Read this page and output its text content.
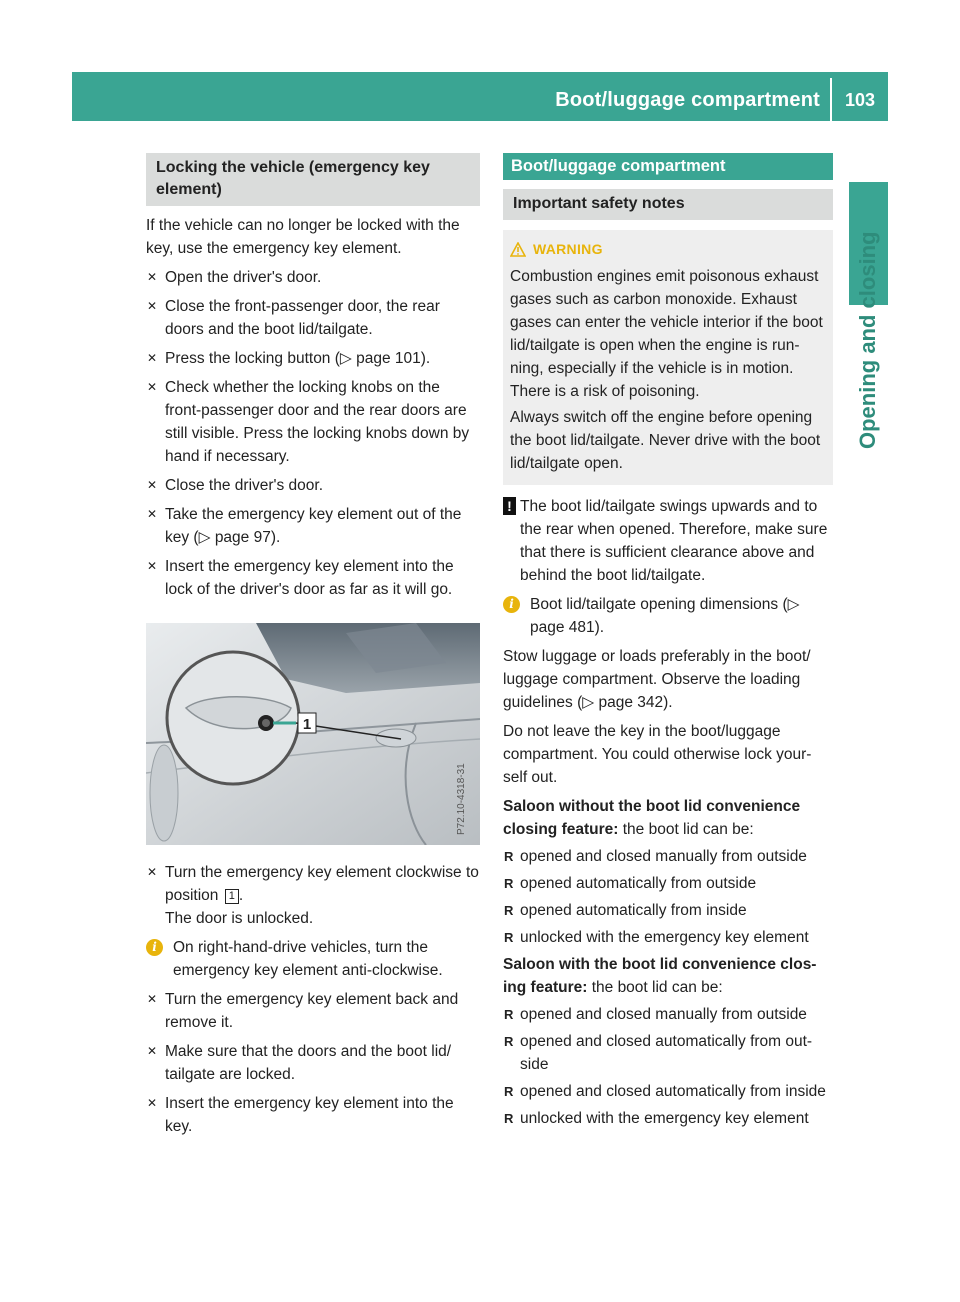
Boot/luggage compartment	103
Opening and closing
Locking the vehicle (emergency key element)

If the vehicle can no longer be locked with the key, use the emergency key element.

✕ Open the driver's door.
✕ Close the front-passenger door, the rear doors and the boot lid/tailgate.
✕ Press the locking button (▷ page 101).
✕ Check whether the locking knobs on the front-passenger door and the rear doors are still visible. Press the locking knobs down by hand if necessary.
✕ Close the driver's door.
✕ Take the emergency key element out of the key (▷ page 97).
✕ Insert the emergency key element into the lock of the driver's door as far as it will go.
1
P72.10-4318-31
✕ Turn the emergency key element clockwise to position 1 .
The door is unlocked.
i	On right-hand-drive vehicles, turn the emergency key element anti-clockwise.
✕ Turn the emergency key element back and remove it.
✕ Make sure that the doors and the boot lid/ tailgate are locked.
✕ Insert the emergency key element into the key.
Boot/luggage compartment
Important safety notes
WARNING

Combustion engines emit poisonous exhaust gases such as carbon monoxide. Exhaust gases can enter the vehicle interior if the boot lid/tailgate is open when the engine is run- ning, especially if the vehicle is in motion. There is a risk of poisoning.

Always switch off the engine before opening the boot lid/tailgate. Never drive with the boot lid/tailgate open.

! The boot lid/tailgate swings upwards and to the rear when opened. Therefore, make sure that there is sufficient clearance above and behind the boot lid/tailgate.
i	Boot lid/tailgate opening dimensions (▷ page 481).

Stow luggage or loads preferably in the boot/ luggage compartment. Observe the loading guidelines (▷ page 342).

Do not leave the key in the boot/luggage compartment. You could otherwise lock your- self out.

Saloon without the boot lid convenience closing feature: the boot lid can be:

R opened and closed manually from outside
R opened automatically from outside
R opened automatically from inside
R unlocked with the emergency key element

Saloon with the boot lid convenience clos- ing feature: the boot lid can be:

R opened and closed manually from outside
R opened and closed automatically from out- side
R opened and closed automatically from inside
R unlocked with the emergency key element
